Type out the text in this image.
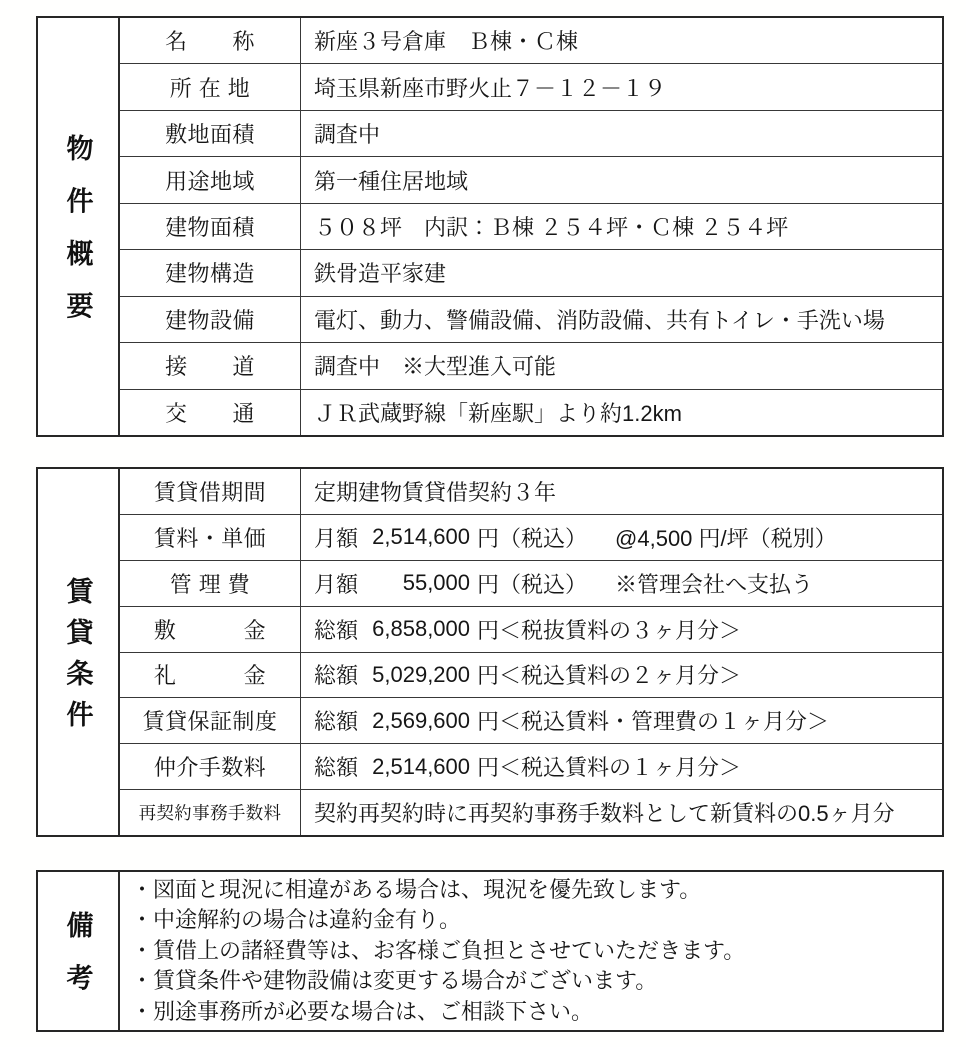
物件概要
名　　称	新座３号倉庫　Ｂ棟・Ｃ棟
所 在 地	埼玉県新座市野火止７－１２－１９
敷地面積	調査中
用途地域	第一種住居地域
建物面積	５０８坪　内訳：Ｂ棟 ２５４坪・Ｃ棟 ２５４坪
建物構造	鉄骨造平家建
建物設備	電灯、動力、警備設備、消防設備、共有トイレ・手洗い場
接　　道	調査中　※大型進入可能
交　　通	ＪＲ武蔵野線「新座駅」より約1.2km
賃貸条件
賃貸借期間	定期建物賃貸借契約３年
賃料・単価	月額 2,514,600 円（税込） @4,500 円/坪（税別）
管 理 費	月額	55,000 円（税込） ※管理会社へ支払う
敷　　　金	総額 6,858,000 円＜税抜賃料の３ヶ月分＞
礼　　　金	総額 5,029,200 円＜税込賃料の２ヶ月分＞
賃貸保証制度	総額 2,569,600 円＜税込賃料・管理費の１ヶ月分＞
仲介手数料	総額 2,514,600 円＜税込賃料の１ヶ月分＞
再契約事務手数料	契約再契約時に再契約事務手数料として新賃料の0.5ヶ月分
備考
・図面と現況に相違がある場合は、現況を優先致します。
・中途解約の場合は違約金有り。
・賃借上の諸経費等は、お客様ご負担とさせていただきます。
・賃貸条件や建物設備は変更する場合がございます。
・別途事務所が必要な場合は、ご相談下さい。
